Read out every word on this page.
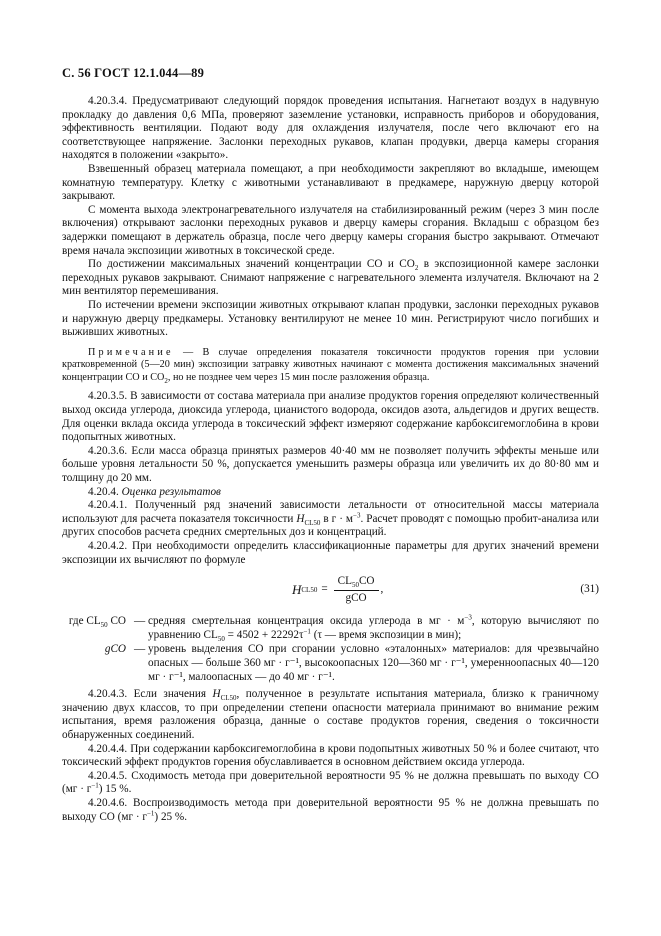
С. 56 ГОСТ 12.1.044—89

4.20.3.4. Предусматривают следующий порядок проведения испытания. Нагнетают воздух в надувную прокладку до давления 0,6 МПа, проверяют заземление установки, исправность приборов и оборудования, эффективность вентиляции. Подают воду для охлаждения излучателя, после чего включают его на соответствующее напряжение. Заслонки переходных рукавов, клапан продувки, дверца камеры сгорания находятся в положении «закрыто».

Взвешенный образец материала помещают, а при необходимости закрепляют во вкладыше, имеющем комнатную температуру. Клетку с животными устанавливают в предкамере, наружную дверцу которой закрывают.

С момента выхода электронагревательного излучателя на стабилизированный режим (через 3 мин после включения) открывают заслонки переходных рукавов и дверцу камеры сгорания. Вкладыш с образцом без задержки помещают в держатель образца, после чего дверцу камеры сгорания быстро закрывают. Отмечают время начала экспозиции животных в токсической среде.

По достижении максимальных значений концентрации СО и $СО_2$ в экспозиционной камере заслонки переходных рукавов закрывают. Снимают напряжение с нагревательного элемента излучателя. Включают на 2 мин вентилятор перемешивания.

По истечении времени экспозиции животных открывают клапан продувки, заслонки переходных рукавов и наружную дверцу предкамеры. Установку вентилируют не менее 10 мин. Регистрируют число погибших и выживших животных.

Примечание — В случае определения показателя токсичности продуктов горения при условии кратковременной (5—20 мин) экспозиции затравку животных начинают с момента достижения максимальных значений концентрации СО и $СО_2$, но не позднее чем через 15 мин после разложения образца.

4.20.3.5. В зависимости от состава материала при анализе продуктов горения определяют количественный выход оксида углерода, диоксида углерода, цианистого водорода, оксидов азота, альдегидов и других веществ. Для оценки вклада оксида углерода в токсический эффект измеряют содержание карбоксигемоглобина в крови подопытных животных.

4.20.3.6. Если масса образца принятых размеров 40·40 мм не позволяет получить эффекты меньше или больше уровня летальности 50 %, допускается уменьшить размеры образца или увеличить их до 80·80 мм и толщину до 20 мм.

4.20.4. Оценка результатов

4.20.4.1. Полученный ряд значений зависимости летальности от относительной массы материала используют для расчета показателя токсичности $H_{CL50}$ в $г \cdot м^{-3}$. Расчет проводят с помощью пробит-анализа или других способов расчета средних смертельных доз и концентраций.

4.20.4.2. При необходимости определить классификационные параметры для других значений времени экспозиции их вычисляют по формуле

H $CL50 = \frac{CL_{50}CO}{\text{gCO}}$ ,	(31)
где $CL_{50}$ CO — средняя смертельная концентрация оксида углерода в мг · $м^{-3}$, которую вычисляют по уравнению $CL_{50} = 4502 + 22292\tau^{-1}$ (τ — время экспозиции в мин);
gCO — уровень выделения СО при сгорании условно «эталонных» материалов: для чрезвычайно опасных — больше 360 мг · г⁻¹, высокоопасных 120—360 мг · г⁻¹, умеренноопасных 40—120 мг · г⁻¹, малоопасных — до 40 мг · г⁻¹.

4.20.4.3. Если значения $H_{CL50}$, полученное в результате испытания материала, близко к граничному значению двух классов, то при определении степени опасности материала принимают во внимание режим испытания, время разложения образца, данные о составе продуктов горения, сведения о токсичности обнаруженных соединений.

4.20.4.4. При содержании карбоксигемоглобина в крови подопытных животных 50 % и более считают, что токсический эффект продуктов горения обуславливается в основном действием оксида углерода.

4.20.4.5. Сходимость метода при доверительной вероятности 95 % не должна превышать по выходу СО $(мг \cdot г^{-1})$ 15 %.

4.20.4.6. Воспроизводимость метода при доверительной вероятности 95 % не должна превышать по выходу СО $(мг \cdot г^{-1})$ 25 %.
